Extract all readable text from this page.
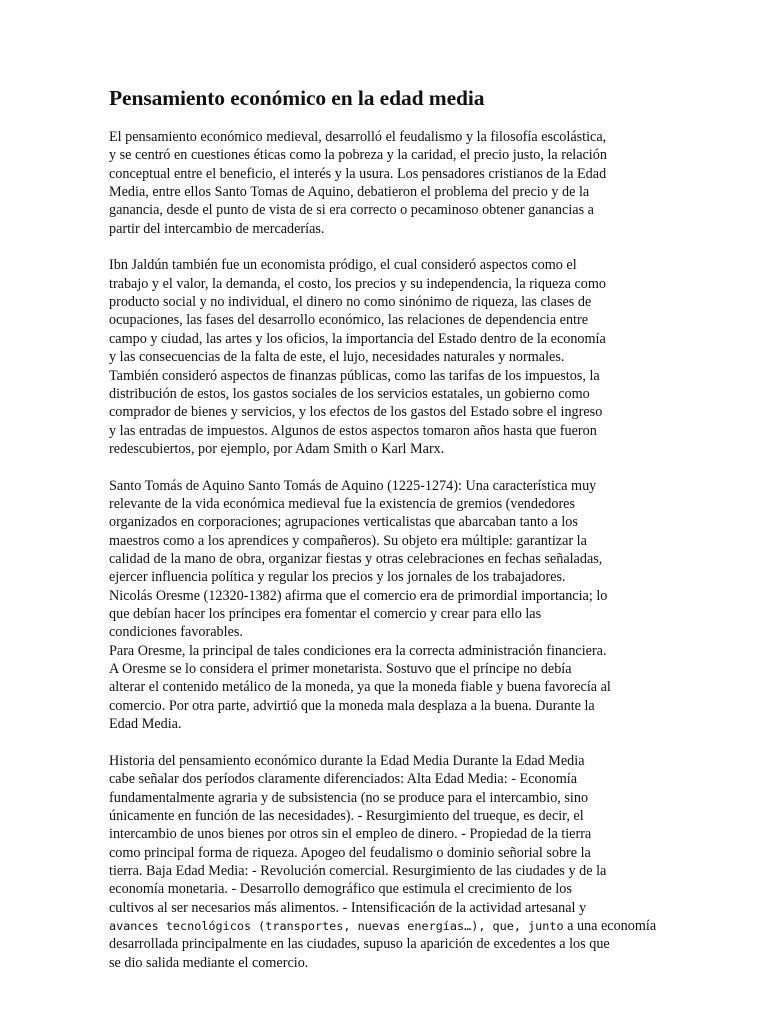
Pensamiento económico en la edad media
El pensamiento económico medieval, desarrolló el feudalismo y la filosofía escolástica,
y se centró en cuestiones éticas como la pobreza y la caridad, el precio justo, la relación
conceptual entre el beneficio, el interés y la usura. Los pensadores cristianos de la Edad
Media, entre ellos Santo Tomas de Aquino, debatieron el problema del precio y de la
ganancia, desde el punto de vista de si era correcto o pecaminoso obtener ganancias a
partir del intercambio de mercaderías.
Ibn Jaldún también fue un economista pródigo, el cual consideró aspectos como el
trabajo y el valor, la demanda, el costo, los precios y su independencia, la riqueza como
producto social y no individual, el dinero no como sinónimo de riqueza, las clases de
ocupaciones, las fases del desarrollo económico, las relaciones de dependencia entre
campo y ciudad, las artes y los oficios, la importancia del Estado dentro de la economía
y las consecuencias de la falta de este, el lujo, necesidades naturales y normales.
También consideró aspectos de finanzas públicas, como las tarifas de los impuestos, la
distribución de estos, los gastos sociales de los servicios estatales, un gobierno como
comprador de bienes y servicios, y los efectos de los gastos del Estado sobre el ingreso
y las entradas de impuestos. Algunos de estos aspectos tomaron años hasta que fueron
redescubiertos, por ejemplo, por Adam Smith o Karl Marx.
Santo Tomás de Aquino Santo Tomás de Aquino (1225-1274): Una característica muy
relevante de la vida económica medieval fue la existencia de gremios (vendedores
organizados en corporaciones; agrupaciones verticalistas que abarcaban tanto a los
maestros como a los aprendices y compañeros). Su objeto era múltiple: garantizar la
calidad de la mano de obra, organizar fiestas y otras celebraciones en fechas señaladas,
ejercer influencia política y regular los precios y los jornales de los trabajadores.
Nicolás Oresme (12320-1382) afirma que el comercio era de primordial importancia; lo
que debían hacer los príncipes era fomentar el comercio y crear para ello las
condiciones favorables.
Para Oresme, la principal de tales condiciones era la correcta administración financiera.
A Oresme se lo considera el primer monetarista. Sostuvo que el príncipe no debía
alterar el contenido metálico de la moneda, ya que la moneda fiable y buena favorecía al
comercio. Por otra parte, advirtió que la moneda mala desplaza a la buena. Durante la
Edad Media.
Historia del pensamiento económico durante la Edad Media Durante la Edad Media
cabe señalar dos períodos claramente diferenciados: Alta Edad Media: - Economía
fundamentalmente agraria y de subsistencia (no se produce para el intercambio, sino
únicamente en función de las necesidades). - Resurgimiento del trueque, es decir, el
intercambio de unos bienes por otros sin el empleo de dinero. - Propiedad de la tierra
como principal forma de riqueza. Apogeo del feudalismo o dominio señorial sobre la
tierra. Baja Edad Media: - Revolución comercial. Resurgimiento de las ciudades y de la
economía monetaria. - Desarrollo demográfico que estimula el crecimiento de los
cultivos al ser necesarios más alimentos. - Intensificación de la actividad artesanal y
avances tecnológicos (transportes, nuevas energías…), que, junto a una economía
desarrollada principalmente en las ciudades, supuso la aparición de excedentes a los que
se dio salida mediante el comercio.
